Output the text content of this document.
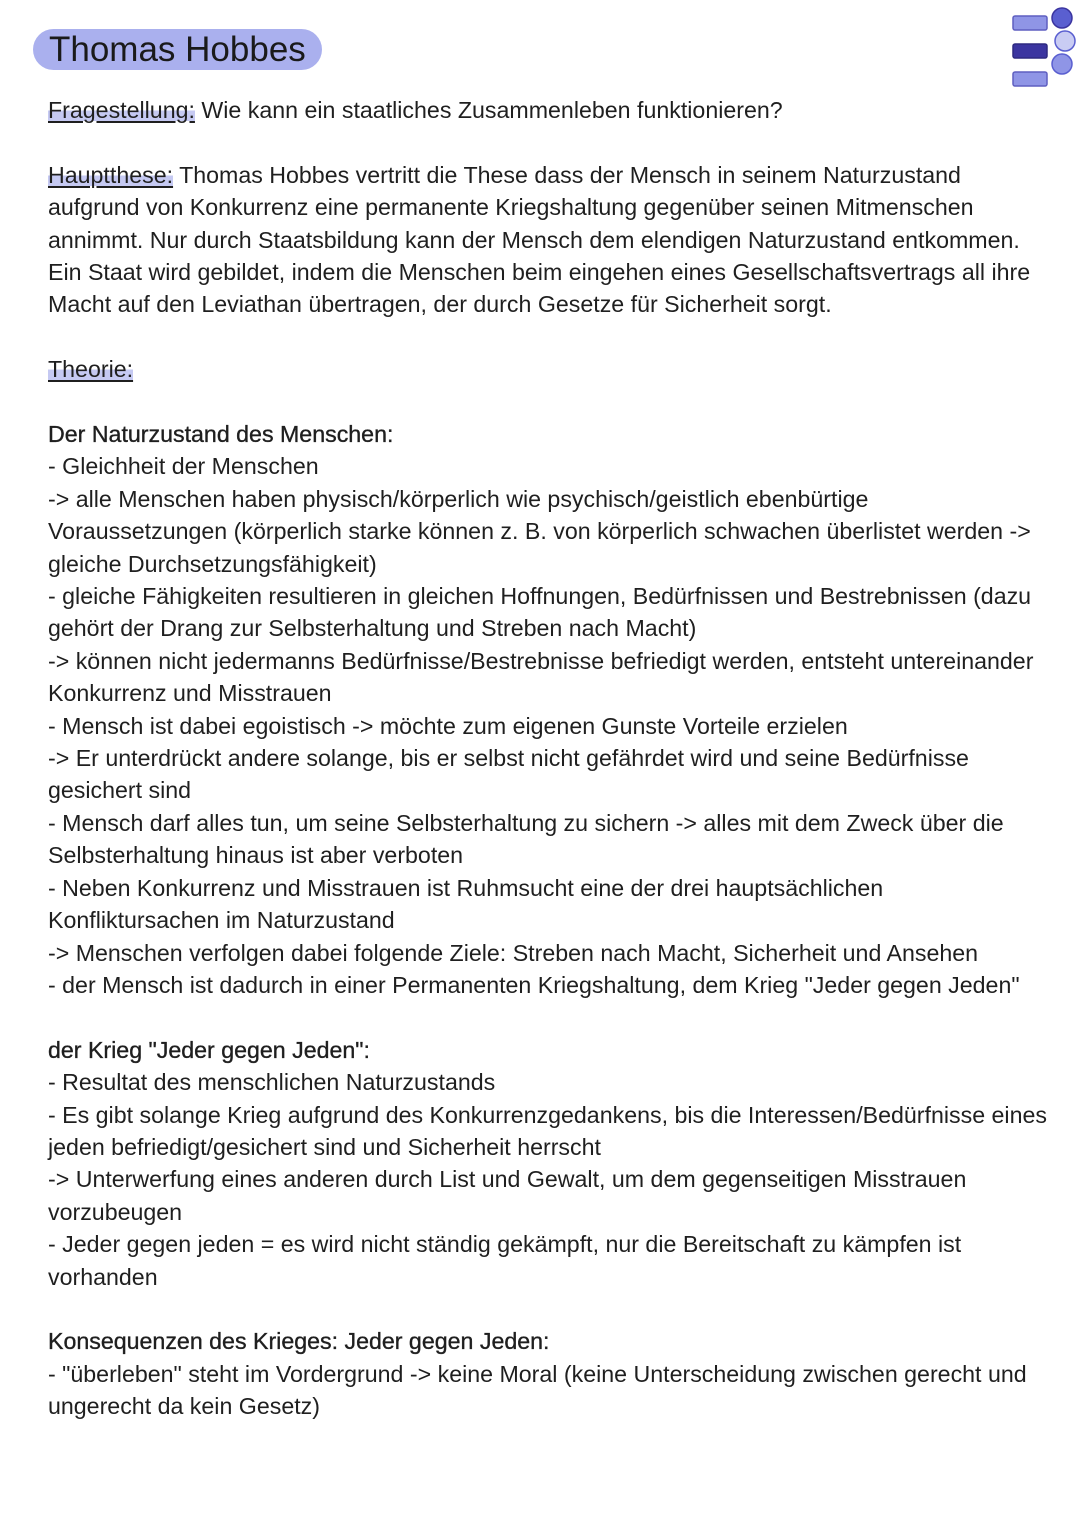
Thomas Hobbes

Fragestellung: Wie kann ein staatliches Zusammenleben funktionieren?

Hauptthese: Thomas Hobbes vertritt die These dass der Mensch in seinem Naturzustand aufgrund von Konkurrenz eine permanente Kriegshaltung gegenüber seinen Mitmenschen annimmt. Nur durch Staatsbildung kann der Mensch dem elendigen Naturzustand entkommen. Ein Staat wird gebildet, indem die Menschen beim eingehen eines Gesellschaftsvertrags all ihre Macht auf den Leviathan übertragen, der durch Gesetze für Sicherheit sorgt.

Theorie:

Der Naturzustand des Menschen:

- Gleichheit der Menschen

-> alle Menschen haben physisch/körperlich wie psychisch/geistlich ebenbürtige Voraussetzungen (körperlich starke können z. B. von körperlich schwachen überlistet werden -> gleiche Durchsetzungsfähigkeit)

- gleiche Fähigkeiten resultieren in gleichen Hoffnungen, Bedürfnissen und Bestrebnissen (dazu gehört der Drang zur Selbsterhaltung und Streben nach Macht)

-> können nicht jedermanns Bedürfnisse/Bestrebnisse befriedigt werden, entsteht untereinander Konkurrenz und Misstrauen

- Mensch ist dabei egoistisch -> möchte zum eigenen Gunste Vorteile erzielen

-> Er unterdrückt andere solange, bis er selbst nicht gefährdet wird und seine Bedürfnisse gesichert sind

- Mensch darf alles tun, um seine Selbsterhaltung zu sichern -> alles mit dem Zweck über die Selbsterhaltung hinaus ist aber verboten

- Neben Konkurrenz und Misstrauen ist Ruhmsucht eine der drei hauptsächlichen Konfliktursachen im Naturzustand

-> Menschen verfolgen dabei folgende Ziele: Streben nach Macht, Sicherheit und Ansehen

- der Mensch ist dadurch in einer Permanenten Kriegshaltung, dem Krieg "Jeder gegen Jeden"

der Krieg "Jeder gegen Jeden":

- Resultat des menschlichen Naturzustands

- Es gibt solange Krieg aufgrund des Konkurrenzgedankens, bis die Interessen/Bedürfnisse eines jeden befriedigt/gesichert sind und Sicherheit herrscht

-> Unterwerfung eines anderen durch List und Gewalt, um dem gegenseitigen Misstrauen vorzubeugen

- Jeder gegen jeden = es wird nicht ständig gekämpft, nur die Bereitschaft zu kämpfen ist vorhanden

Konsequenzen des Krieges: Jeder gegen Jeden:

- "überleben" steht im Vordergrund -> keine Moral (keine Unterscheidung zwischen gerecht und ungerecht da kein Gesetz)
